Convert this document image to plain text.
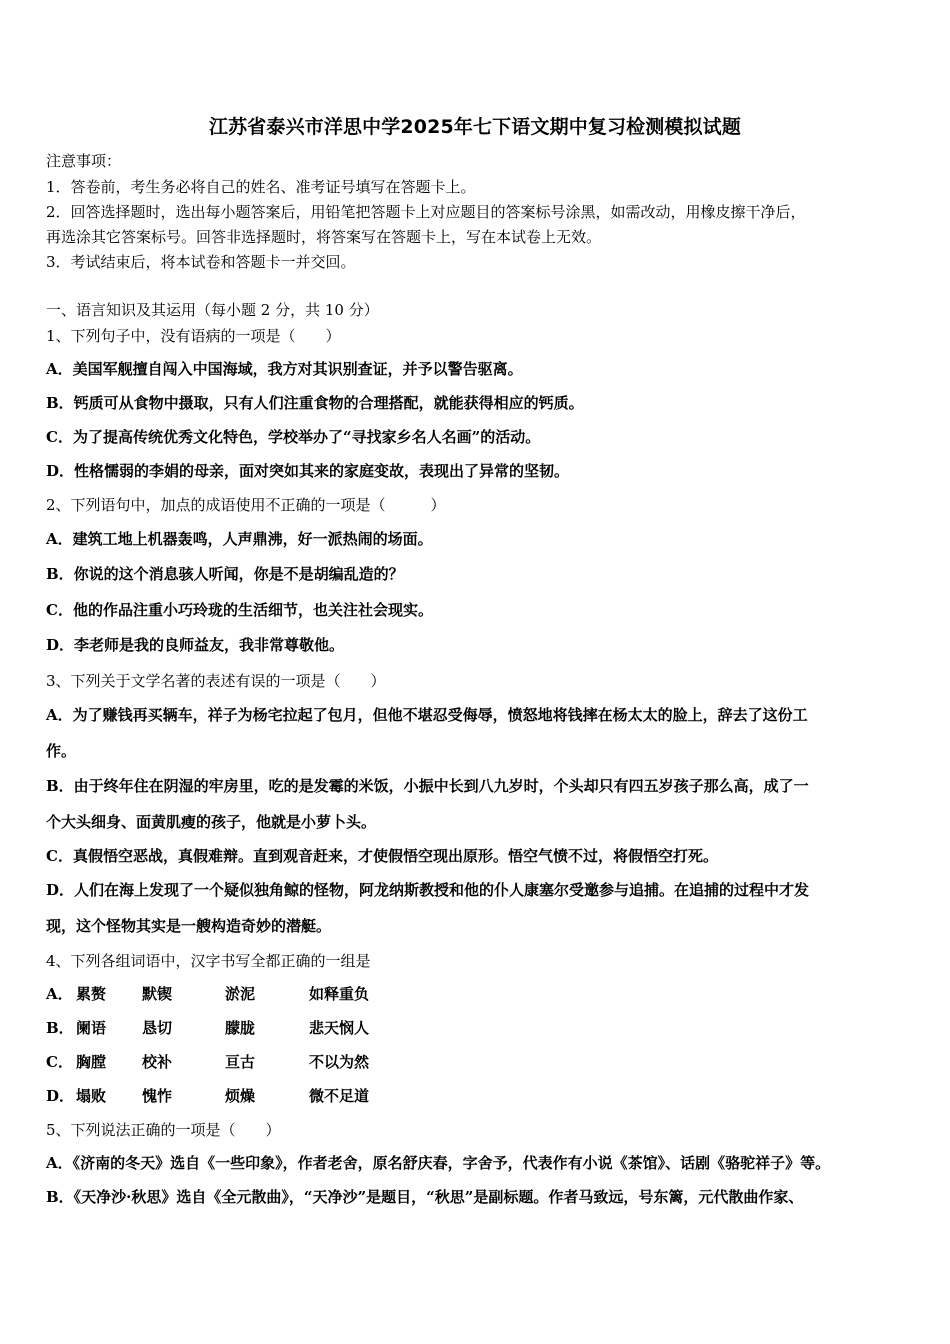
江苏省泰兴市洋思中学2025年七下语文期中复习检测模拟试题
注意事项：
1．答卷前，考生务必将自己的姓名、准考证号填写在答题卡上。
2．回答选择题时，选出每小题答案后，用铅笔把答题卡上对应题目的答案标号涂黑，如需改动，用橡皮擦干净后，
再选涂其它答案标号。回答非选择题时，将答案写在答题卡上，写在本试卷上无效。
3．考试结束后，将本试卷和答题卡一并交回。
一、语言知识及其运用（每小题 2 分，共 10 分）
1、下列句子中，没有语病的一项是（　　）
A．美国军舰擅自闯入中国海域，我方对其识别查证，并予以警告驱离。
B．钙质可从食物中摄取，只有人们注重食物的合理搭配，就能获得相应的钙质。
C．为了提高传统优秀文化特色，学校举办了“寻找家乡名人名画”的活动。
D．性格懦弱的李娟的母亲，面对突如其来的家庭变故，表现出了异常的坚韧。
2、下列语句中，加点的成语使用不正确的一项是（　　　）
A．建筑工地上机器轰鸣，人声鼎沸，好一派热闹的场面。
B．你说的这个消息骇人听闻，你是不是胡编乱造的？
C．他的作品注重小巧玲珑的生活细节，也关注社会现实。
D．李老师是我的良师益友，我非常尊敬他。
3、下列关于文学名著的表述有误的一项是（　　）
A．为了赚钱再买辆车，祥子为杨宅拉起了包月，但他不堪忍受侮辱，愤怒地将钱摔在杨太太的脸上，辞去了这份工
作。
B．由于终年住在阴湿的牢房里，吃的是发霉的米饭，小振中长到八九岁时，个头却只有四五岁孩子那么高，成了一
个大头细身、面黄肌瘦的孩子，他就是小萝卜头。
C．真假悟空恶战，真假难辩。直到观音赶来，才使假悟空现出原形。悟空气愤不过，将假悟空打死。
D．人们在海上发现了一个疑似独角鲸的怪物，阿龙纳斯教授和他的仆人康塞尔受邀参与追捕。在追捕的过程中才发
现，这个怪物其实是一艘构造奇妙的潜艇。
4、下列各组词语中，汉字书写全都正确的一组是
A． 累赘 默锲	淤泥	如释重负
B． 阑语 恳切	朦胧	悲天悯人
C． 胸膛 校补	亘古	不以为然
D． 塌败 愧怍	烦燥	微不足道
5、下列说法正确的一项是（　　）
A．《济南的冬天》选自《一些印象》，作者老舍，原名舒庆春，字舍予，代表作有小说《茶馆》、话剧《骆驼祥子》等。
B．《天净沙·秋思》选自《全元散曲》，“天净沙”是题目，“秋思”是副标题。作者马致远，号东篱，元代散曲作家、
